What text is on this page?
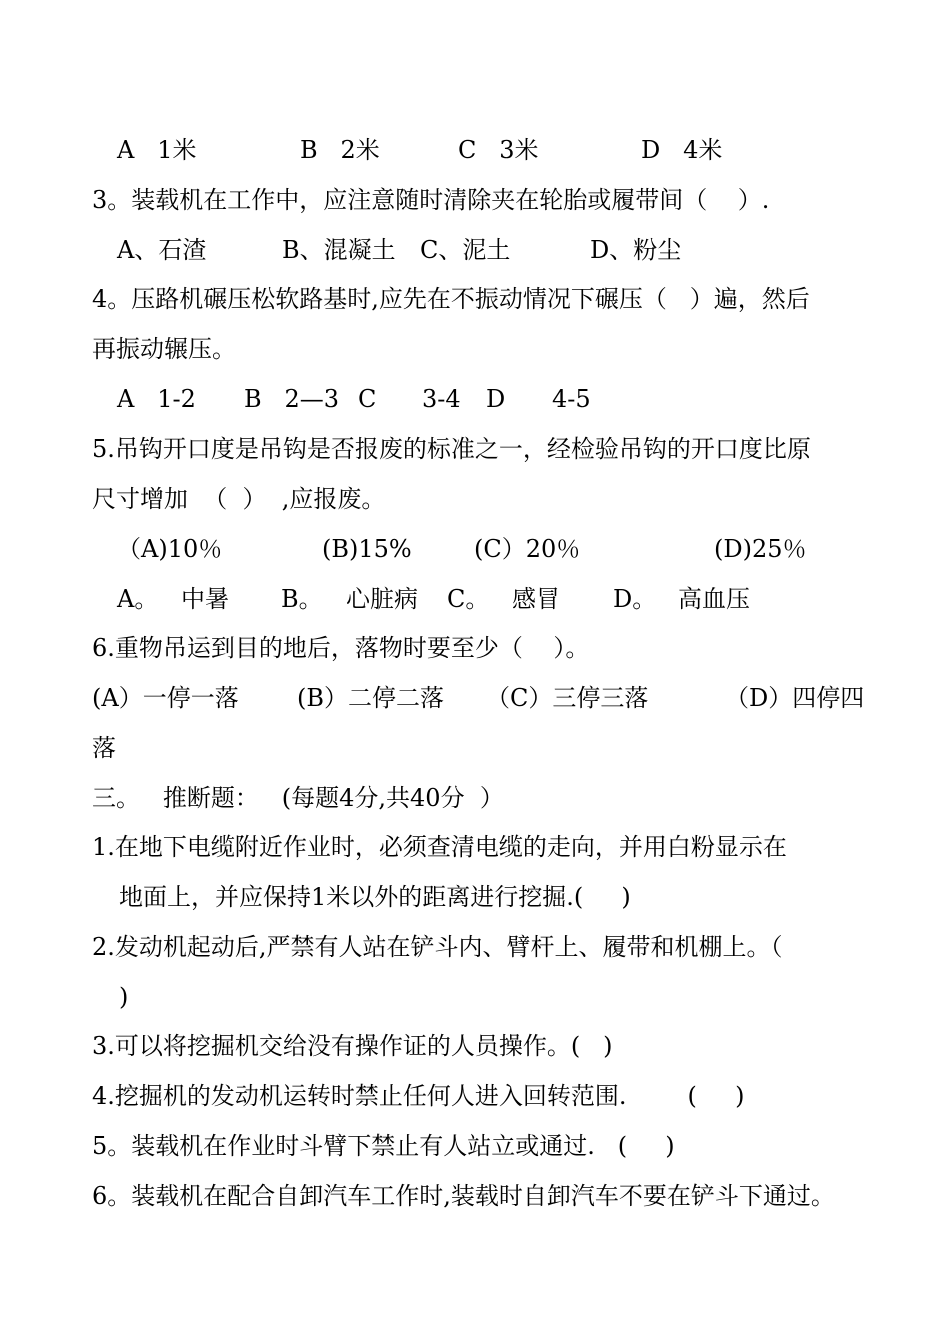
A   1米	B   2米	C   3米	D   4米
3。装载机在工作中，应注意随时清除夹在轮胎或履带间（    ）.
A、石渣	B、混凝土 C、泥土	D、粉尘
4。压路机碾压松软路基时,应先在不振动情况下碾压（   ）遍，然后
再振动辗压。
A   1-2 B   2—3 C 3-4 D 4-5
5.吊钩开口度是吊钩是否报废的标准之一，经检验吊钩的开口度比原
尺寸增加  （  ）  ,应报废。
（A)10％	(B)15%	(C）20％	(D)25％
A。 中暑 B。 心脏病 C。 感冒 D。 高血压
6.重物吊运到目的地后，落物时要至少（    ）。
(A）一停一落 (B）二停二落 （C）三停三落	（D）四停四
落
三。   推断题：   (每题4分,共40分  ）
1.在地下电缆附近作业时，必须查清电缆的走向，并用白粉显示在
地面上，并应保持1米以外的距离进行挖掘.(     )
2.发动机起动后,严禁有人站在铲斗内、臂杆上、履带和机棚上。（
)
3.可以将挖掘机交给没有操作证的人员操作。(   )
4.挖掘机的发动机运转时禁止任何人进入回转范围.        (     )
5。装载机在作业时斗臂下禁止有人站立或通过.   (     )
6。装载机在配合自卸汽车工作时,装载时自卸汽车不要在铲斗下通过。
